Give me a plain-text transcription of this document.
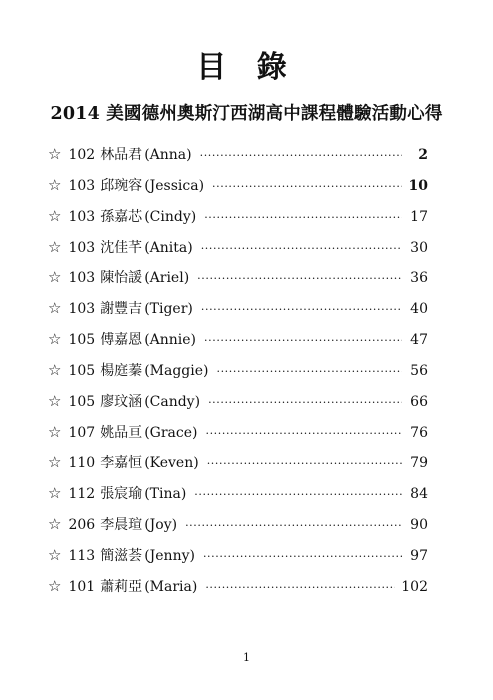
目 錄
2014 美國德州奧斯汀西湖高中課程體驗活動心得
☆ 102 林品君 (Anna) ·····	2
☆ 103 邱琬容 (Jessica) ·····	10
☆ 103 孫嘉芯 (Cindy) ·····	17
☆ 103 沈佳芊 (Anita) ·····	30
☆ 103 陳怡諼 (Ariel) ·····	36
☆ 103 謝豐吉 (Tiger) ·····	40
☆ 105 傅嘉恩 (Annie) ·····	47
☆ 105 楊庭蓁 (Maggie) ·····	56
☆ 105 廖玟涵 (Candy) ·····	66
☆ 107 姚品亘 (Grace) ·····	76
☆ 110 李嘉恒 (Keven) ·····	79
☆ 112 張宸瑜 (Tina) ·····	84
☆ 206 李晨瑄 (Joy) ·····	90
☆ 113 簡滋荟 (Jenny) ·····	97
☆ 101 蕭莉亞 (Maria) ·····	102
1
